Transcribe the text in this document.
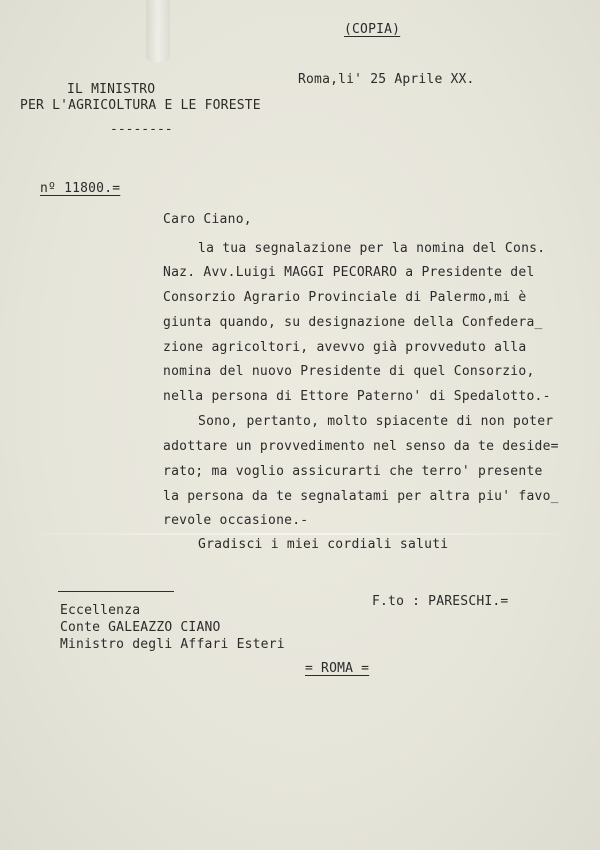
(COPIA)
IL MINISTRO
PER L'AGRICOLTURA E LE FORESTE
--------
Roma,li' 25 Aprile XX.
nº 11800.=
Caro Ciano,
la tua segnalazione per la nomina del Cons.
Naz. Avv.Luigi MAGGI PECORARO a Presidente del
Consorzio Agrario Provinciale di Palermo,mi è
giunta quando, su designazione della Confedera_
zione agricoltori, avevvo già provveduto alla
nomina del nuovo Presidente di quel Consorzio,
nella persona di Ettore Paterno' di Spedalotto.-
Sono, pertanto, molto spiacente di non poter
adottare un provvedimento nel senso da te deside=
rato; ma voglio assicurarti che terro' presente
la persona da te segnalatami per altra piu' favo_
revole occasione.-
Gradisci i miei cordiali saluti
F.to : PARESCHI.=
Eccellenza
Conte GALEAZZO CIANO
Ministro degli Affari Esteri
= ROMA =
